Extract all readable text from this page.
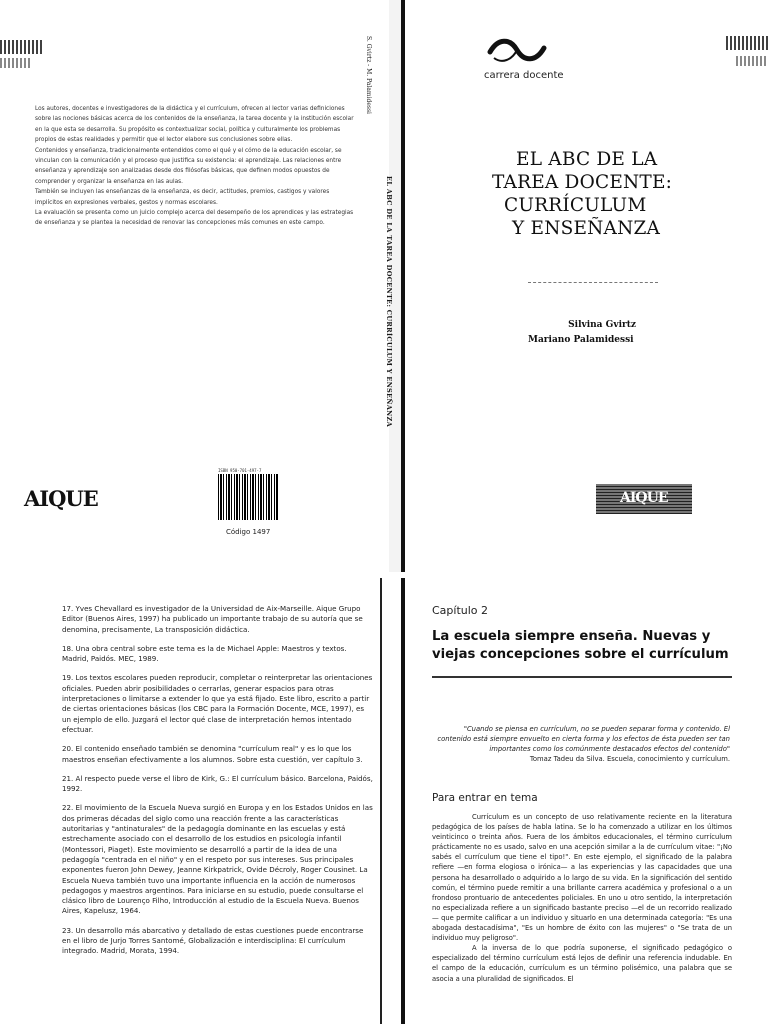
Los autores, docentes e investigadores de la didáctica y el currículum, ofrecen al lector varias definiciones sobre las nociones básicas acerca de los contenidos de la enseñanza, la tarea docente y la institución escolar en la que esta se desarrolla. Su propósito es contextualizar social, política y culturalmente los problemas propios de estas realidades y permitir que el lector elabore sus conclusiones sobre ellas.

Contenidos y enseñanza, tradicionalmente entendidos como el qué y el cómo de la educación escolar, se vinculan con la comunicación y el proceso que justifica su existencia: el aprendizaje. Las relaciones entre enseñanza y aprendizaje son analizadas desde dos filósofas básicas, que definen modos opuestos de comprender y organizar la enseñanza en las aulas.

También se incluyen las enseñanzas de la enseñanza, es decir, actitudes, premios, castigos y valores implícitos en expresiones verbales, gestos y normas escolares.

La evaluación se presenta como un juicio complejo acerca del desempeño de los aprendices y las estrategias de enseñanza y se plantea la necesidad de renovar las concepciones más comunes en este campo.

AIQUE
ISBN 950-701-497-7
Código 1497
S. Gvirtz - M. Palamidessi
EL ABC DE LA TAREA DOCENTE: CURRÍCULUM Y ENSEÑANZA
carrera docente
EL ABC DE LA
TAREA DOCENTE:
CURRÍCULUM
Y ENSEÑANZA
Silvina Gvirtz
Mariano Palamidessi
AIQUE

17. Yves Chevallard es investigador de la Universidad de Aix-Marseille. Aique Grupo Editor (Buenos Aires, 1997) ha publicado un importante trabajo de su autoría que se denomina, precisamente, La transposición didáctica.

18. Una obra central sobre este tema es la de Michael Apple: Maestros y textos. Madrid, Paidós. MEC, 1989.

19. Los textos escolares pueden reproducir, completar o reinterpretar las orientaciones oficiales. Pueden abrir posibilidades o cerrarlas, generar espacios para otras interpretaciones o limitarse a extender lo que ya está fijado. Este libro, escrito a partir de ciertas orientaciones básicas (los CBC para la Formación Docente, MCE, 1997), es un ejemplo de ello. Juzgará el lector qué clase de interpretación hemos intentado efectuar.

20. El contenido enseñado también se denomina "currículum real" y es lo que los maestros enseñan efectivamente a los alumnos. Sobre esta cuestión, ver capítulo 3.

21. Al respecto puede verse el libro de Kirk, G.: El currículum básico. Barcelona, Paidós, 1992.

22. El movimiento de la Escuela Nueva surgió en Europa y en los Estados Unidos en las dos primeras décadas del siglo como una reacción frente a las características autoritarias y "antinaturales" de la pedagogía dominante en las escuelas y está estrechamente asociado con el desarrollo de los estudios en psicología infantil (Montessori, Piaget). Este movimiento se desarrolló a partir de la idea de una pedagogía "centrada en el niño" y en el respeto por sus intereses. Sus principales exponentes fueron John Dewey, Jeanne Kirkpatrick, Ovide Décroly, Roger Cousinet. La Escuela Nueva también tuvo una importante influencia en la acción de numerosos pedagogos y maestros argentinos. Para iniciarse en su estudio, puede consultarse el clásico libro de Lourenço Filho, Introducción al estudio de la Escuela Nueva. Buenos Aires, Kapelusz, 1964.

23. Un desarrollo más abarcativo y detallado de estas cuestiones puede encontrarse en el libro de Jurjo Torres Santomé, Globalización e interdisciplina: El currículum integrado. Madrid, Morata, 1994.

Capítulo 2
La escuela siempre enseña. Nuevas y viejas concepciones sobre el currículum
"Cuando se piensa en currículum, no se pueden separar forma y contenido. El contenido está siempre envuelto en cierta forma y los efectos de ésta pueden ser tan importantes como los comúnmente destacados efectos del contenido"
Tomaz Tadeu da Silva. Escuela, conocimiento y currículum.
Para entrar en tema

Currículum es un concepto de uso relativamente reciente en la literatura pedagógica de los países de habla latina. Se lo ha comenzado a utilizar en los últimos veinticinco o treinta años. Fuera de los ámbitos educacionales, el término currículum prácticamente no es usado, salvo en una acepción similar a la de currículum vitae: "¡No sabés el currículum que tiene el tipo!". En este ejemplo, el significado de la palabra refiere —en forma elogiosa o irónica— a las experiencias y las capacidades que una persona ha desarrollado o adquirido a lo largo de su vida. En la significación del sentido común, el término puede remitir a una brillante carrera académica y profesional o a un frondoso prontuario de antecedentes policiales. En uno u otro sentido, la interpretación no especializada refiere a un significado bastante preciso —el de un recorrido realizado— que permite calificar a un individuo y situarlo en una determinada categoría: "Es una abogada destacadísima", "Es un hombre de éxito con las mujeres" o "Se trata de un individuo muy peligroso".

A la inversa de lo que podría suponerse, el significado pedagógico o especializado del término currículum está lejos de definir una referencia indudable. En el campo de la educación, currículum es un término polisémico, una palabra que se asocia a una pluralidad de significados. El
